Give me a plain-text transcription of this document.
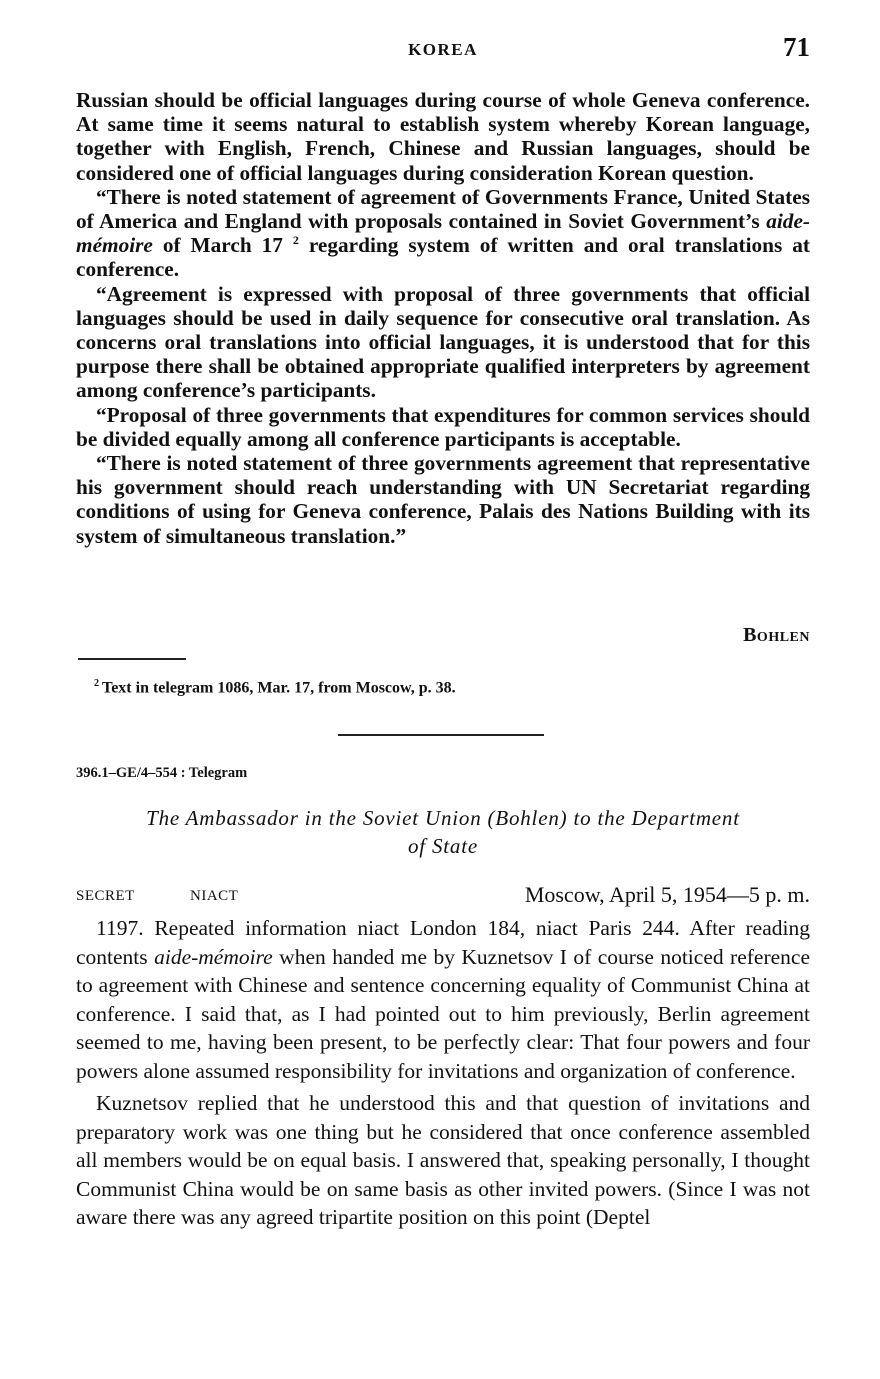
KOREA	71

Russian should be official languages during course of whole Geneva conference. At same time it seems natural to establish system whereby Korean language, together with English, French, Chinese and Russian languages, should be considered one of official languages during consideration Korean question.

“There is noted statement of agreement of Governments France, United States of America and England with proposals contained in Soviet Government’s aide-mémoire of March 17 $^2$ regarding system of written and oral translations at conference.

“Agreement is expressed with proposal of three governments that official languages should be used in daily sequence for consecutive oral translation. As concerns oral translations into official languages, it is understood that for this purpose there shall be obtained appropriate qualified interpreters by agreement among conference’s participants.

“Proposal of three governments that expenditures for common services should be divided equally among all conference participants is acceptable.

“There is noted statement of three governments agreement that representative his government should reach understanding with UN Secretariat regarding conditions of using for Geneva conference, Palais des Nations Building with its system of simultaneous translation.”

Bohlen
$^2$ Text in telegram 1086, Mar. 17, from Moscow, p. 38.
396.1–GE/4–554 : Telegram
The Ambassador in the Soviet Union (Bohlen) to the Department
of State
SECRET	NIACT	Moscow, April 5, 1954—5 p. m.

1197. Repeated information niact London 184, niact Paris 244. After reading contents aide-mémoire when handed me by Kuznetsov I of course noticed reference to agreement with Chinese and sentence concerning equality of Communist China at conference. I said that, as I had pointed out to him previously, Berlin agreement seemed to me, having been present, to be perfectly clear: That four powers and four powers alone assumed responsibility for invitations and organization of conference.

Kuznetsov replied that he understood this and that question of invitations and preparatory work was one thing but he considered that once conference assembled all members would be on equal basis. I answered that, speaking personally, I thought Communist China would be on same basis as other invited powers. (Since I was not aware there was any agreed tripartite position on this point (Deptel
